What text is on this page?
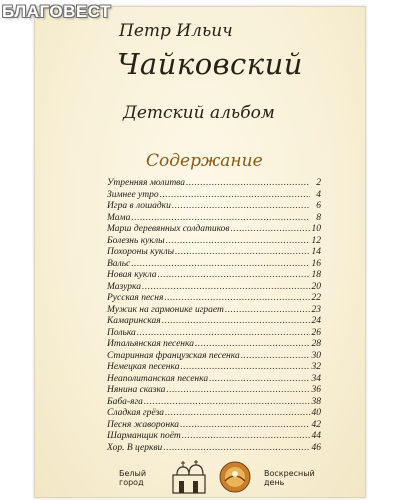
БЛАГОВЕСТ
Петр Ильич
Чайковский
Детский альбом
Содержание
Утренняя молитва .....	2
Зимнее утро .....	4
Игра в лошадки .....	6
Мама .....	8
Марш деревянных солдатиков .....	10
Болезнь куклы .....	12
Похороны куклы .....	14
Вальс .....	16
Новая кукла .....	18
Мазурка .....	20
Русская песня .....	22
Мужик на гармонике играет .....	23
Камаринская .....	24
Полька .....	26
Итальянская песенка .....	28
Старинная французская песенка .....	30
Немецкая песенка .....	32
Неаполитанская песенка .....	34
Нянина сказка .....	36
Баба-яга .....	38
Сладкая грёза .....	40
Песня жаворонка .....	42
Шарманщик поёт .....	44
Хор. В церкви .....	46
Белый
город
Воскресный
день
